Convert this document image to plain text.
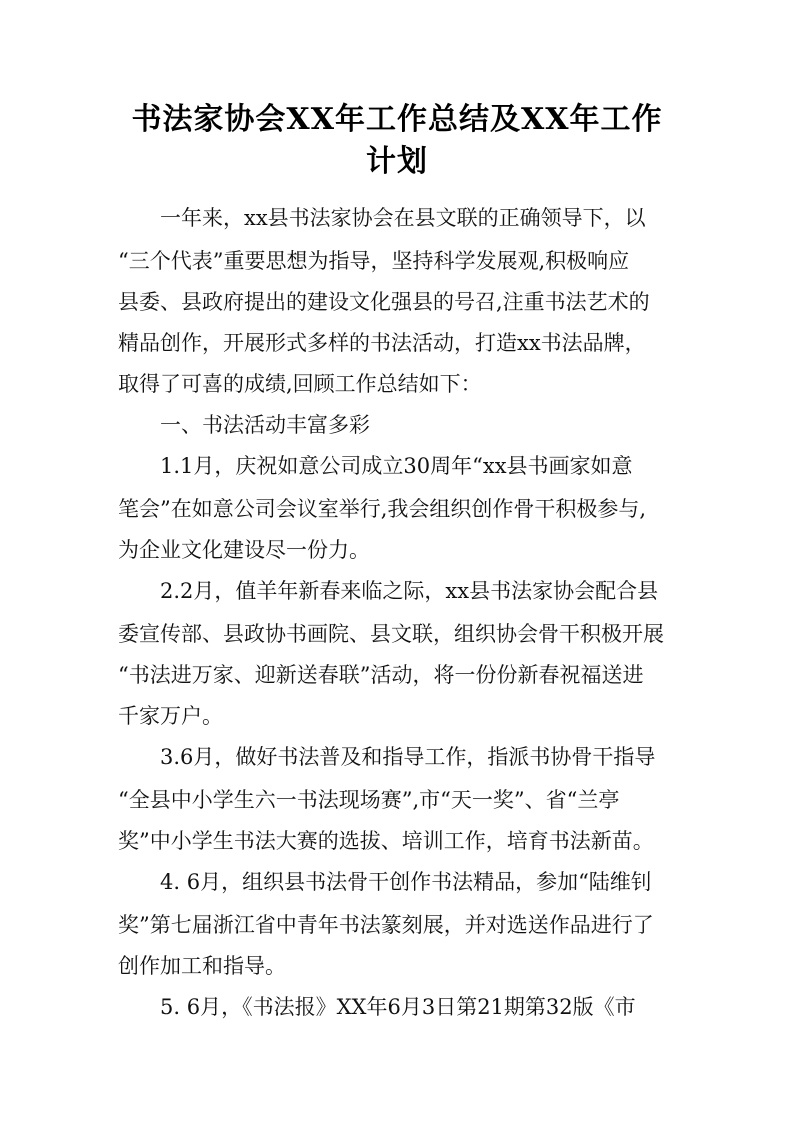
书法家协会XX年工作总结及XX年工作
计划
一年来，xx县书法家协会在县文联的正确领导下，以
“三个代表”重要思想为指导，坚持科学发展观,积极响应
县委、县政府提出的建设文化强县的号召,注重书法艺术的
精品创作，开展形式多样的书法活动，打造xx书法品牌，
取得了可喜的成绩,回顾工作总结如下：
一、书法活动丰富多彩
1.1月，庆祝如意公司成立30周年“xx县书画家如意
笔会”在如意公司会议室举行,我会组织创作骨干积极参与,
为企业文化建设尽一份力。
2.2月，值羊年新春来临之际，xx县书法家协会配合县
委宣传部、县政协书画院、县文联，组织协会骨干积极开展
“书法进万家、迎新送春联”活动，将一份份新春祝福送进
千家万户。
3.6月，做好书法普及和指导工作，指派书协骨干指导
“全县中小学生六一书法现场赛”,市“天一奖”、省“兰亭
奖”中小学生书法大赛的选拔、培训工作，培育书法新苗。
4. 6月，组织县书法骨干创作书法精品，参加“陆维钊
奖”第七届浙江省中青年书法篆刻展，并对选送作品进行了
创作加工和指导。
5. 6月，《书法报》XX年6月3日第21期第32版《市
